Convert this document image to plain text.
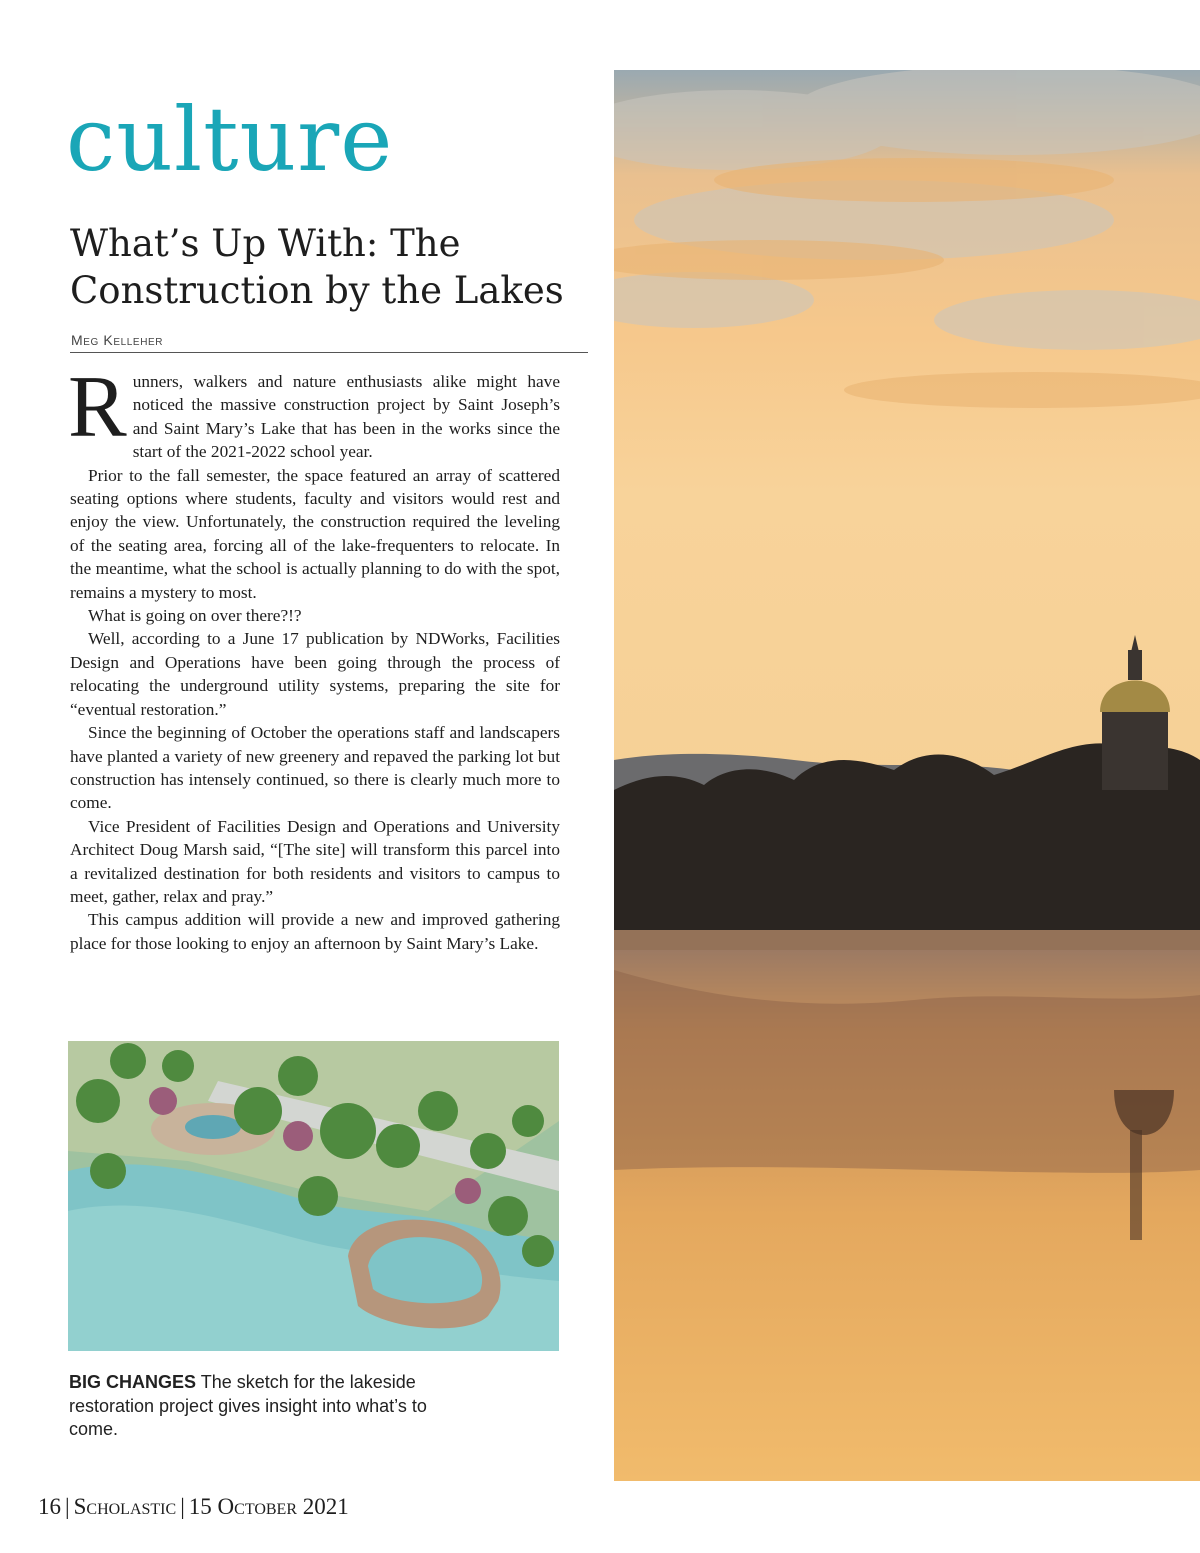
culture
What’s Up With: The Construction by the Lakes
Meg Kelleher

Runners, walkers and nature enthusiasts alike might have noticed the massive construction project by Saint Joseph’s and Saint Mary’s Lake that has been in the works since the start of the 2021-2022 school year.

Prior to the fall semester, the space featured an array of scattered seating options where students, faculty and visitors would rest and enjoy the view. Unfortunately, the construction required the leveling of the seating area, forcing all of the lake-frequenters to relocate. In the meantime, what the school is actually planning to do with the spot, remains a mystery to most.

What is going on over there?!?

Well, according to a June 17 publication by NDWorks, Facilities Design and Operations have been going through the process of relocating the underground utility systems, preparing the site for “eventual restoration.”

Since the beginning of October the operations staff and landscapers have planted a variety of new greenery and repaved the parking lot but construction has intensely continued, so there is clearly much more to come.

Vice President of Facilities Design and Operations and University Architect Doug Marsh said, “[The site] will transform this parcel into a revitalized destination for both residents and visitors to campus to meet, gather, relax and pray.”

This campus addition will provide a new and improved gathering place for those looking to enjoy an afternoon by Saint Mary’s Lake.

BIG CHANGES The sketch for the lakeside restoration project gives insight into what’s to come.
16 | Scholastic | 15 October 2021
